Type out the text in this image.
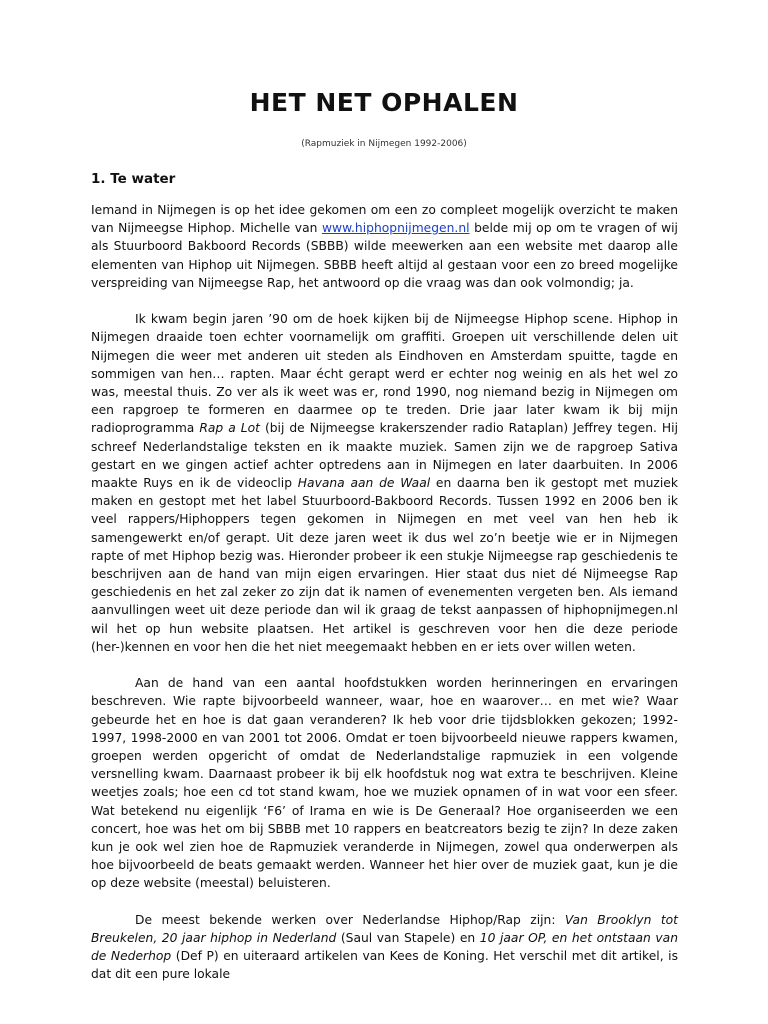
HET NET OPHALEN
(Rapmuziek in Nijmegen 1992-2006)
1. Te water

Iemand in Nijmegen is op het idee gekomen om een zo compleet mogelijk overzicht te maken van Nijmeegse Hiphop. Michelle van www.hiphopnijmegen.nl belde mij op om te vragen of wij als Stuurboord Bakboord Records (SBBB) wilde meewerken aan een website met daarop alle elementen van Hiphop uit Nijmegen. SBBB heeft altijd al gestaan voor een zo breed mogelijke verspreiding van Nijmeegse Rap, het antwoord op die vraag was dan ook volmondig; ja.

Ik kwam begin jaren ’90 om de hoek kijken bij de Nijmeegse Hiphop scene. Hiphop in Nijmegen draaide toen echter voornamelijk om graffiti. Groepen uit verschillende delen uit Nijmegen die weer met anderen uit steden als Eindhoven en Amsterdam spuitte, tagde en sommigen van hen… rapten. Maar écht gerapt werd er echter nog weinig en als het wel zo was, meestal thuis. Zo ver als ik weet was er, rond 1990, nog niemand bezig in Nijmegen om een rapgroep te formeren en daarmee op te treden. Drie jaar later kwam ik bij mijn radioprogramma Rap a Lot (bij de Nijmeegse krakerszender radio Rataplan) Jeffrey tegen. Hij schreef Nederlandstalige teksten en ik maakte muziek. Samen zijn we de rapgroep Sativa gestart en we gingen actief achter optredens aan in Nijmegen en later daarbuiten. In 2006 maakte Ruys en ik de videoclip Havana aan de Waal en daarna ben ik gestopt met muziek maken en gestopt met het label Stuurboord-Bakboord Records. Tussen 1992 en 2006 ben ik veel rappers/Hiphoppers tegen gekomen in Nijmegen en met veel van hen heb ik samengewerkt en/of gerapt. Uit deze jaren weet ik dus wel zo’n beetje wie er in Nijmegen rapte of met Hiphop bezig was. Hieronder probeer ik een stukje Nijmeegse rap geschiedenis te beschrijven aan de hand van mijn eigen ervaringen. Hier staat dus niet dé Nijmeegse Rap geschiedenis en het zal zeker zo zijn dat ik namen of evenementen vergeten ben. Als iemand aanvullingen weet uit deze periode dan wil ik graag de tekst aanpassen of hiphopnijmegen.nl wil het op hun website plaatsen. Het artikel is geschreven voor hen die deze periode (her-)kennen en voor hen die het niet meegemaakt hebben en er iets over willen weten.

Aan de hand van een aantal hoofdstukken worden herinneringen en ervaringen beschreven. Wie rapte bijvoorbeeld wanneer, waar, hoe en waarover… en met wie? Waar gebeurde het en hoe is dat gaan veranderen? Ik heb voor drie tijdsblokken gekozen; 1992-1997, 1998-2000 en van 2001 tot 2006. Omdat er toen bijvoorbeeld nieuwe rappers kwamen, groepen werden opgericht of omdat de Nederlandstalige rapmuziek in een volgende versnelling kwam. Daarnaast probeer ik bij elk hoofdstuk nog wat extra te beschrijven. Kleine weetjes zoals; hoe een cd tot stand kwam, hoe we muziek opnamen of in wat voor een sfeer. Wat betekend nu eigenlijk ‘F6’ of Irama en wie is De Generaal? Hoe organiseerden we een concert, hoe was het om bij SBBB met 10 rappers en beatcreators bezig te zijn? In deze zaken kun je ook wel zien hoe de Rapmuziek veranderde in Nijmegen, zowel qua onderwerpen als hoe bijvoorbeeld de beats gemaakt werden. Wanneer het hier over de muziek gaat, kun je die op deze website (meestal) beluisteren.

De meest bekende werken over Nederlandse Hiphop/Rap zijn: Van Brooklyn tot Breukelen, 20 jaar hiphop in Nederland (Saul van Stapele) en 10 jaar OP, en het ontstaan van de Nederhop (Def P) en uiteraard artikelen van Kees de Koning. Het verschil met dit artikel, is dat dit een pure lokale
